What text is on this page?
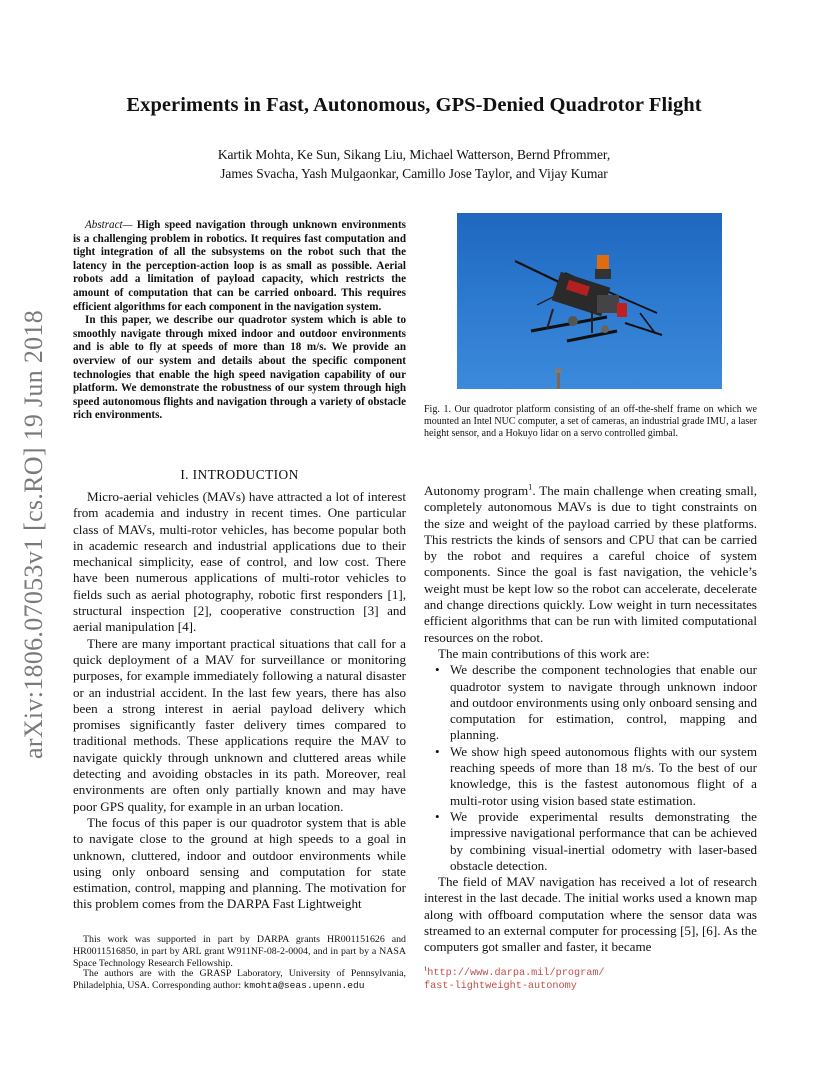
Experiments in Fast, Autonomous, GPS-Denied Quadrotor Flight
Kartik Mohta, Ke Sun, Sikang Liu, Michael Watterson, Bernd Pfrommer,
James Svacha, Yash Mulgaonkar, Camillo Jose Taylor, and Vijay Kumar
arXiv:1806.07053v1 [cs.RO] 19 Jun 2018

Abstract— High speed navigation through unknown environments is a challenging problem in robotics. It requires fast computation and tight integration of all the subsystems on the robot such that the latency in the perception-action loop is as small as possible. Aerial robots add a limitation of payload capacity, which restricts the amount of computation that can be carried onboard. This requires efficient algorithms for each component in the navigation system.

In this paper, we describe our quadrotor system which is able to smoothly navigate through mixed indoor and outdoor environments and is able to fly at speeds of more than 18 m/s. We provide an overview of our system and details about the specific component technologies that enable the high speed navigation capability of our platform. We demonstrate the robustness of our system through high speed autonomous flights and navigation through a variety of obstacle rich environments.	Fig. 1. Our quadrotor platform consisting of an off-the-shelf frame on which we mounted an Intel NUC computer, a set of cameras, an industrial grade IMU, a laser height sensor, and a Hokuyo lidar on a servo controlled gimbal.
I. INTRODUCTION

Micro-aerial vehicles (MAVs) have attracted a lot of interest from academia and industry in recent times. One particular class of MAVs, multi-rotor vehicles, has become popular both in academic research and industrial applications due to their mechanical simplicity, ease of control, and low cost. There have been numerous applications of multi-rotor vehicles to fields such as aerial photography, robotic first responders [1], structural inspection [2], cooperative construction [3] and aerial manipulation [4].

There are many important practical situations that call for a quick deployment of a MAV for surveillance or monitoring purposes, for example immediately following a natural disaster or an industrial accident. In the last few years, there has also been a strong interest in aerial payload delivery which promises significantly faster delivery times compared to traditional methods. These applications require the MAV to navigate quickly through unknown and cluttered areas while detecting and avoiding obstacles in its path. Moreover, real environments are often only partially known and may have poor GPS quality, for example in an urban location.

The focus of this paper is our quadrotor system that is able to navigate close to the ground at high speeds to a goal in unknown, cluttered, indoor and outdoor environments while using only onboard sensing and computation for state estimation, control, mapping and planning. The motivation for this problem comes from the DARPA Fast Lightweight

Autonomy program$^1$. The main challenge when creating small, completely autonomous MAVs is due to tight constraints on the size and weight of the payload carried by these platforms. This restricts the kinds of sensors and CPU that can be carried by the robot and requires a careful choice of system components. Since the goal is fast navigation, the vehicle’s weight must be kept low so the robot can accelerate, decelerate and change directions quickly. Low weight in turn necessitates efficient algorithms that can be run with limited computational resources on the robot.

The main contributions of this work are:

• We describe the component technologies that enable our quadrotor system to navigate through unknown indoor and outdoor environments using only onboard sensing and computation for estimation, control, mapping and planning.
• We show high speed autonomous flights with our system reaching speeds of more than 18 m/s. To the best of our knowledge, this is the fastest autonomous flight of a multi-rotor using vision based state estimation.
• We provide experimental results demonstrating the impressive navigational performance that can be achieved by combining visual-inertial odometry with laser-based obstacle detection.

The field of MAV navigation has received a lot of research interest in the last decade. The initial works used a known map along with offboard computation where the sensor data was streamed to an external computer for processing [5], [6]. As the computers got smaller and faster, it became

This work was supported in part by DARPA grants HR001151626 and HR0011516850, in part by ARL grant W911NF-08-2-0004, and in part by a NASA Space Technology Research Fellowship.

The authors are with the GRASP Laboratory, University of Pennsylvania, Philadelphia, USA. Corresponding author: kmohta@seas.upenn.edu

$^1$http://www.darpa.mil/program/
fast-lightweight-autonomy
